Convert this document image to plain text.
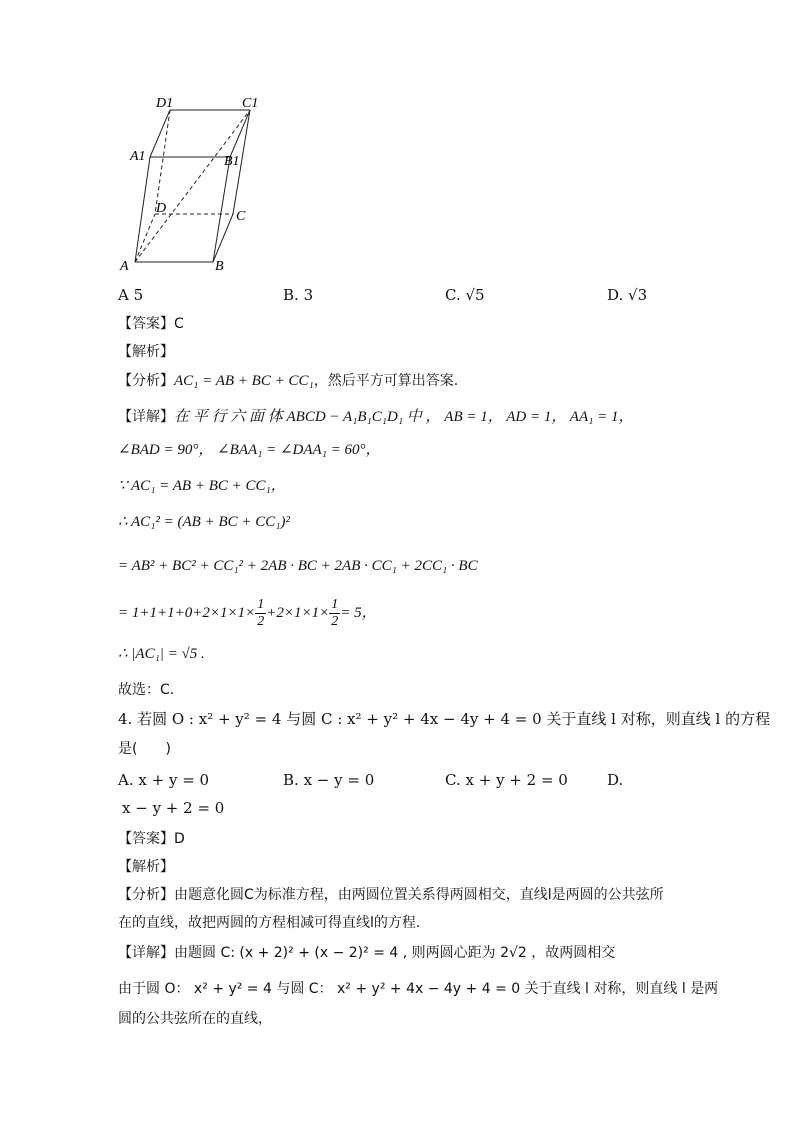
D1	C1
A1	B1
D
C
A	B
A 5	B. 3	C. √5	D. √3
【答案】C
【解析】
【分析】AC₁ = AB + BC + CC₁，然后平方可算出答案.
【详解】在 平 行 六 面 体 ABCD − A₁B₁C₁D₁ 中 ， AB = 1， AD = 1， AA₁ = 1，
∠BAD = 90°， ∠BAA₁ = ∠DAA₁ = 60°，
∵ AC₁ = AB + BC + CC₁，
∴ AC₁² = (AB + BC + CC₁)²
= AB² + BC² + CC₁² + 2AB · BC + 2AB · CC₁ + 2CC₁ · BC
= $1+1+1+0+2\times 1\times 1\times \frac{1}{2} +2\times 1\times 1\times \frac{1}{2} = 5$，
∴ |AC₁| = √5 .
故选：C.
4. 若圆 O : x² + y² = 4 与圆 C : x² + y² + 4x − 4y + 4 = 0 关于直线 l 对称，则直线 l 的方程
是(　　)
A. x + y = 0	B. x − y = 0	C. x + y + 2 = 0	D.
x − y + 2 = 0
【答案】D
【解析】
【分析】由题意化圆C为标准方程，由两圆位置关系得两圆相交，直线l是两圆的公共弦所
在的直线，故把两圆的方程相减可得直线l的方程.
【详解】由题圆 C: (x + 2)² + (x − 2)² = 4 , 则两圆心距为 2√2 ，故两圆相交
由于圆 O： x² + y² = 4 与圆 C： x² + y² + 4x − 4y + 4 = 0 关于直线 l 对称，则直线 l 是两
圆的公共弦所在的直线，
